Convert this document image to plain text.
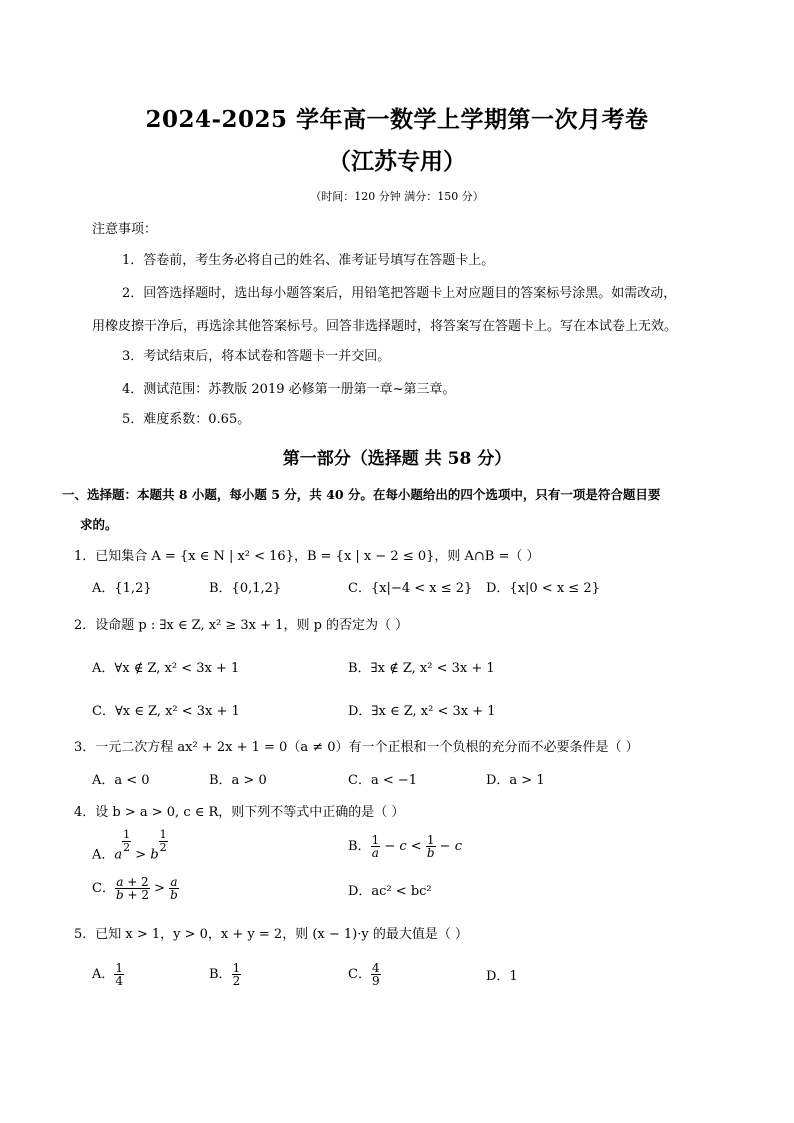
2024-2025 学年高一数学上学期第一次月考卷
（江苏专用）
（时间：120 分钟 满分：150 分）
注意事项：
1．答卷前，考生务必将自己的姓名、准考证号填写在答题卡上。
2．回答选择题时，选出每小题答案后，用铅笔把答题卡上对应题目的答案标号涂黑。如需改动，
用橡皮擦干净后，再选涂其他答案标号。回答非选择题时，将答案写在答题卡上。写在本试卷上无效。
3．考试结束后，将本试卷和答题卡一并交回。
4．测试范围：苏教版 2019 必修第一册第一章~第三章。
5．难度系数：0.65。
第一部分（选择题 共 58 分）
一、选择题：本题共 8 小题，每小题 5 分，共 40 分。在每小题给出的四个选项中，只有一项是符合题目要
求的。
1．已知集合 A = {x ∈ N | x² < 16}，B = {x | x − 2 ≤ 0}，则 A∩B =（ ）
A．{1,2}	B．{0,1,2}	C．{x|−4 < x ≤ 2} D．{x|0 < x ≤ 2}
2．设命题 p : ∃x ∈ Z, x² ≥ 3x + 1，则 p 的否定为（ ）
A．∀x ∉ Z, x² < 3x + 1	B．∃x ∉ Z, x² < 3x + 1
C．∀x ∈ Z, x² < 3x + 1	D．∃x ∈ Z, x² < 3x + 1
3．一元二次方程 ax² + 2x + 1 = 0（a ≠ 0）有一个正根和一个负根的充分而不必要条件是（ ）
A．a < 0	B．a > 0	C．a < −1	D．a > 1
4．设 b > a > 0, c ∈ R，则下列不等式中正确的是（ ）
A．a
$^{\frac{1}{2}}$
> b
$^{\frac{1}{2}}$	B． $\frac{1}{a} - c < \frac{1}{b} - c$
C． $\frac{a + 2}{b + 2} > \frac{a}{b}$	D．ac² < bc²
5．已知 x > 1，y > 0，x + y = 2，则 (x − 1)·y 的最大值是（ ）
A． $\frac{1}{4}$	B． $\frac{1}{2}$	C． $\frac{4}{9}$	D．1
